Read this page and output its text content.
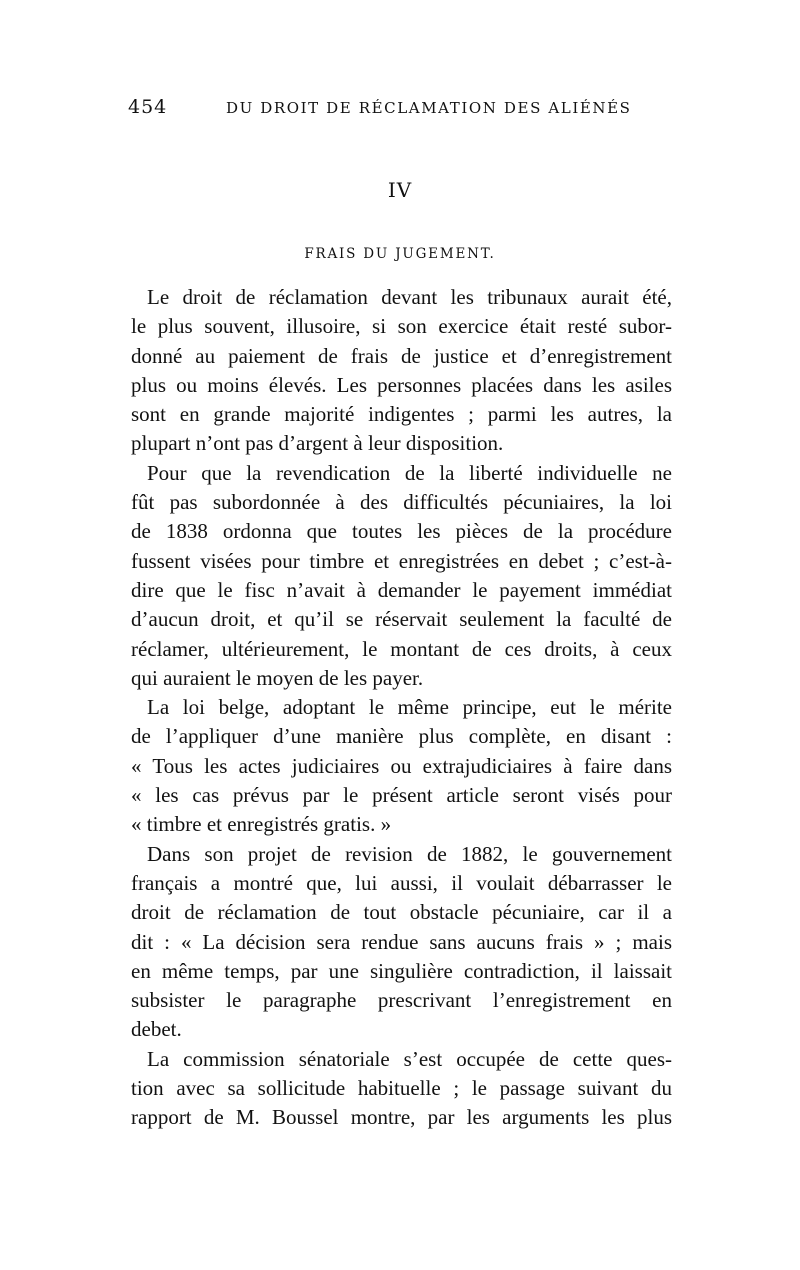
454	DU DROIT DE RÉCLAMATION DES ALIÉNÉS
IV
FRAIS DU JUGEMENT.
Le droit de réclamation devant les tribunaux aurait été,
le plus souvent, illusoire, si son exercice était resté subor-
donné au paiement de frais de justice et d’enregistrement
plus ou moins élevés. Les personnes placées dans les asiles
sont en grande majorité indigentes ; parmi les autres, la
plupart n’ont pas d’argent à leur disposition.
Pour que la revendication de la liberté individuelle ne
fût pas subordonnée à des difficultés pécuniaires, la loi
de 1838 ordonna que toutes les pièces de la procédure
fussent visées pour timbre et enregistrées en debet ; c’est-à-
dire que le fisc n’avait à demander le payement immédiat
d’aucun droit, et qu’il se réservait seulement la faculté de
réclamer, ultérieurement, le montant de ces droits, à ceux
qui auraient le moyen de les payer.
La loi belge, adoptant le même principe, eut le mérite
de l’appliquer d’une manière plus complète, en disant :
« Tous les actes judiciaires ou extrajudiciaires à faire dans
« les cas prévus par le présent article seront visés pour
« timbre et enregistrés gratis. »
Dans son projet de revision de 1882, le gouvernement
français a montré que, lui aussi, il voulait débarrasser le
droit de réclamation de tout obstacle pécuniaire, car il a
dit : « La décision sera rendue sans aucuns frais » ; mais
en même temps, par une singulière contradiction, il laissait
subsister le paragraphe prescrivant l’enregistrement en
debet.
La commission sénatoriale s’est occupée de cette ques-
tion avec sa sollicitude habituelle ; le passage suivant du
rapport de M. Boussel montre, par les arguments les plus
